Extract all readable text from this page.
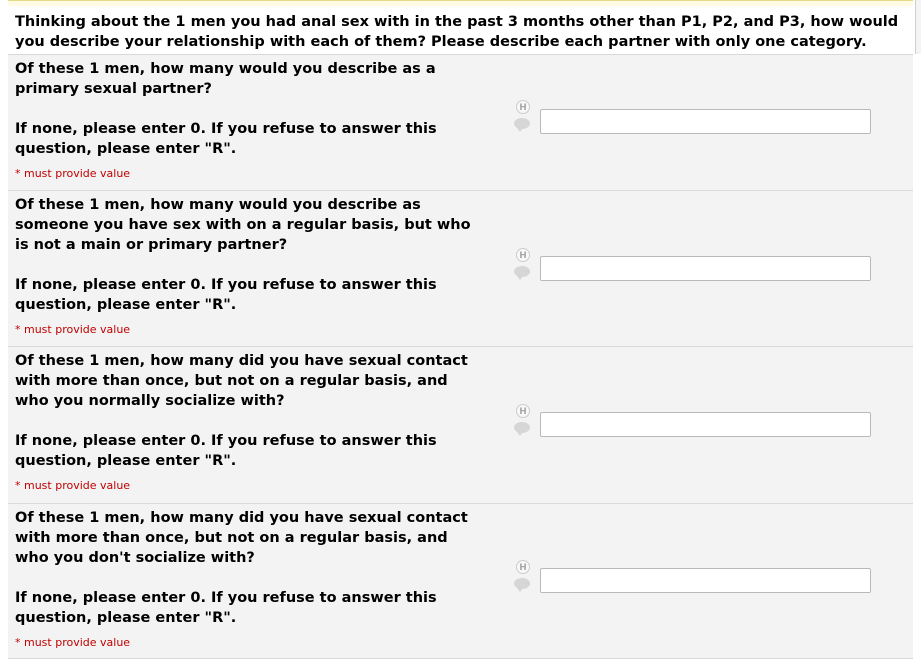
Thinking about the 1 men you had anal sex with in the past 3 months other than P1, P2, and P3, how would you describe your relationship with each of them? Please describe each partner with only one category.

Of these 1 men, how many would you describe as a primary sexual partner?

If none, please enter 0. If you refuse to answer this question, please enter "R".

* must provide value
H

Of these 1 men, how many would you describe as someone you have sex with on a regular basis, but who is not a main or primary partner?

If none, please enter 0. If you refuse to answer this question, please enter "R".

* must provide value
H

Of these 1 men, how many did you have sexual contact with more than once, but not on a regular basis, and who you normally socialize with?

If none, please enter 0. If you refuse to answer this question, please enter "R".

* must provide value
H

Of these 1 men, how many did you have sexual contact with more than once, but not on a regular basis, and who you don't socialize with?

If none, please enter 0. If you refuse to answer this question, please enter "R".

* must provide value
H
